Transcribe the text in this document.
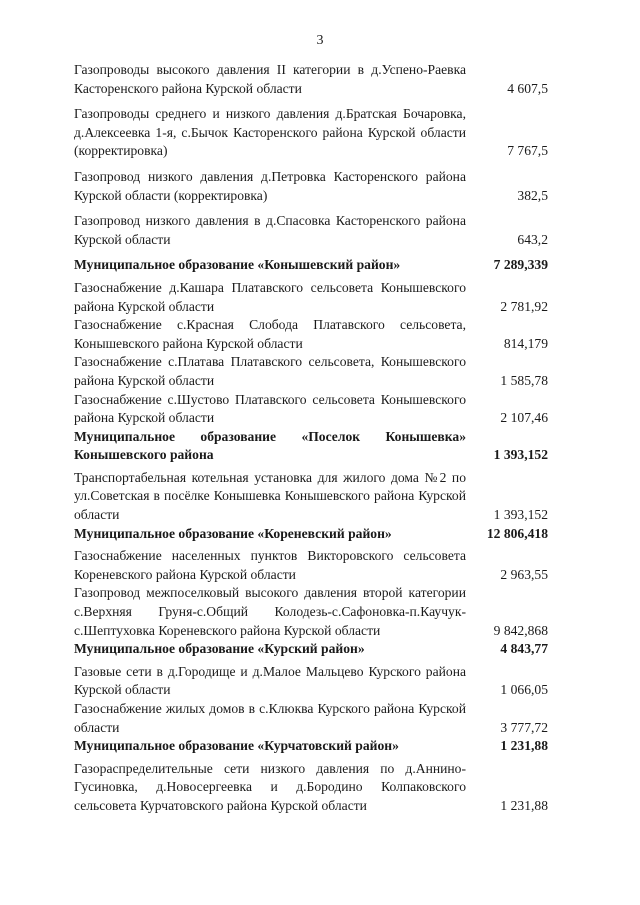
3
Газопроводы высокого давления II категории в д.Успено-Раевка Касторенского района Курской области	4 607,5
Газопроводы среднего и низкого давления д.Братская Бочаровка, д.Алексеевка 1-я, с.Бычок Касторенского района Курской области (корректировка)	7 767,5
Газопровод низкого давления д.Петровка Касторенского района Курской области (корректировка)	382,5
Газопровод низкого давления в д.Спасовка Касторенского района Курской области	643,2
Муниципальное образование «Конышевский район»	7 289,339
Газоснабжение д.Кашара Платавского сельсовета Конышевского района Курской области	2 781,92
Газоснабжение с.Красная Слобода Платавского сельсовета, Конышевского района Курской области	814,179
Газоснабжение с.Платава Платавского сельсовета, Конышевского района Курской области	1 585,78
Газоснабжение с.Шустово Платавского сельсовета Конышевского района Курской области	2 107,46
Муниципальное образование «Поселок Конышевка» Конышевского района	1 393,152
Транспортабельная котельная установка для жилого дома №2 по ул.Советская в посёлке Конышевка Конышевского района Курской области	1 393,152
Муниципальное образование «Кореневский район»	12 806,418
Газоснабжение населенных пунктов Викторовского сельсовета Кореневского района Курской области	2 963,55
Газопровод межпоселковый высокого давления второй категории с.Верхняя Груня-с.Общий Колодезь-с.Сафоновка-п.Каучук-с.Шептуховка Кореневского района Курской области	9 842,868
Муниципальное образование «Курский район»	4 843,77
Газовые сети в д.Городище и д.Малое Мальцево Курского района Курской области	1 066,05
Газоснабжение жилых домов в с.Клюква Курского района Курской области	3 777,72
Муниципальное образование «Курчатовский район»	1 231,88
Газораспределительные сети низкого давления по д.Аннино-Гусиновка, д.Новосергеевка и д.Бородино Колпаковского сельсовета Курчатовского района Курской области	1 231,88
